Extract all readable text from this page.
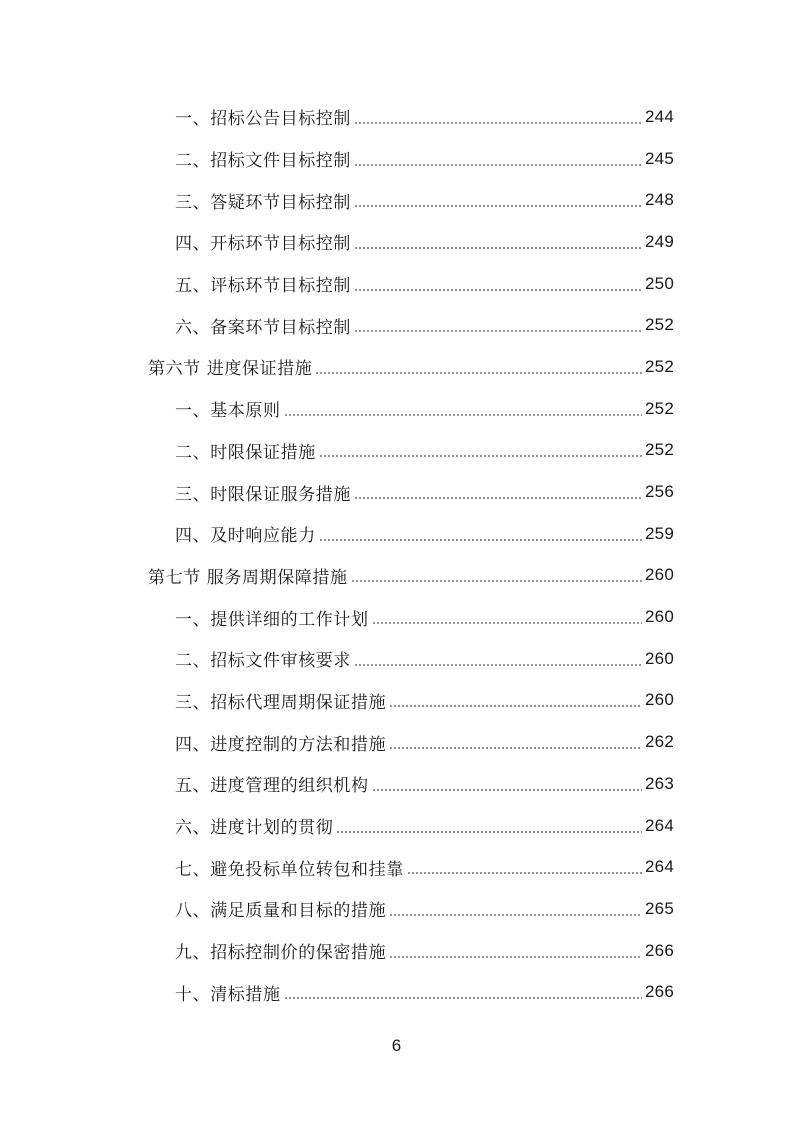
一、招标公告目标控制	244
二、招标文件目标控制	245
三、答疑环节目标控制	248
四、开标环节目标控制	249
五、评标环节目标控制	250
六、备案环节目标控制	252
第六节 进度保证措施	252
一、基本原则	252
二、时限保证措施	252
三、时限保证服务措施	256
四、及时响应能力	259
第七节 服务周期保障措施	260
一、提供详细的工作计划	260
二、招标文件审核要求	260
三、招标代理周期保证措施	260
四、进度控制的方法和措施	262
五、进度管理的组织机构	263
六、进度计划的贯彻	264
七、避免投标单位转包和挂靠	264
八、满足质量和目标的措施	265
九、招标控制价的保密措施	266
十、清标措施	266
6
